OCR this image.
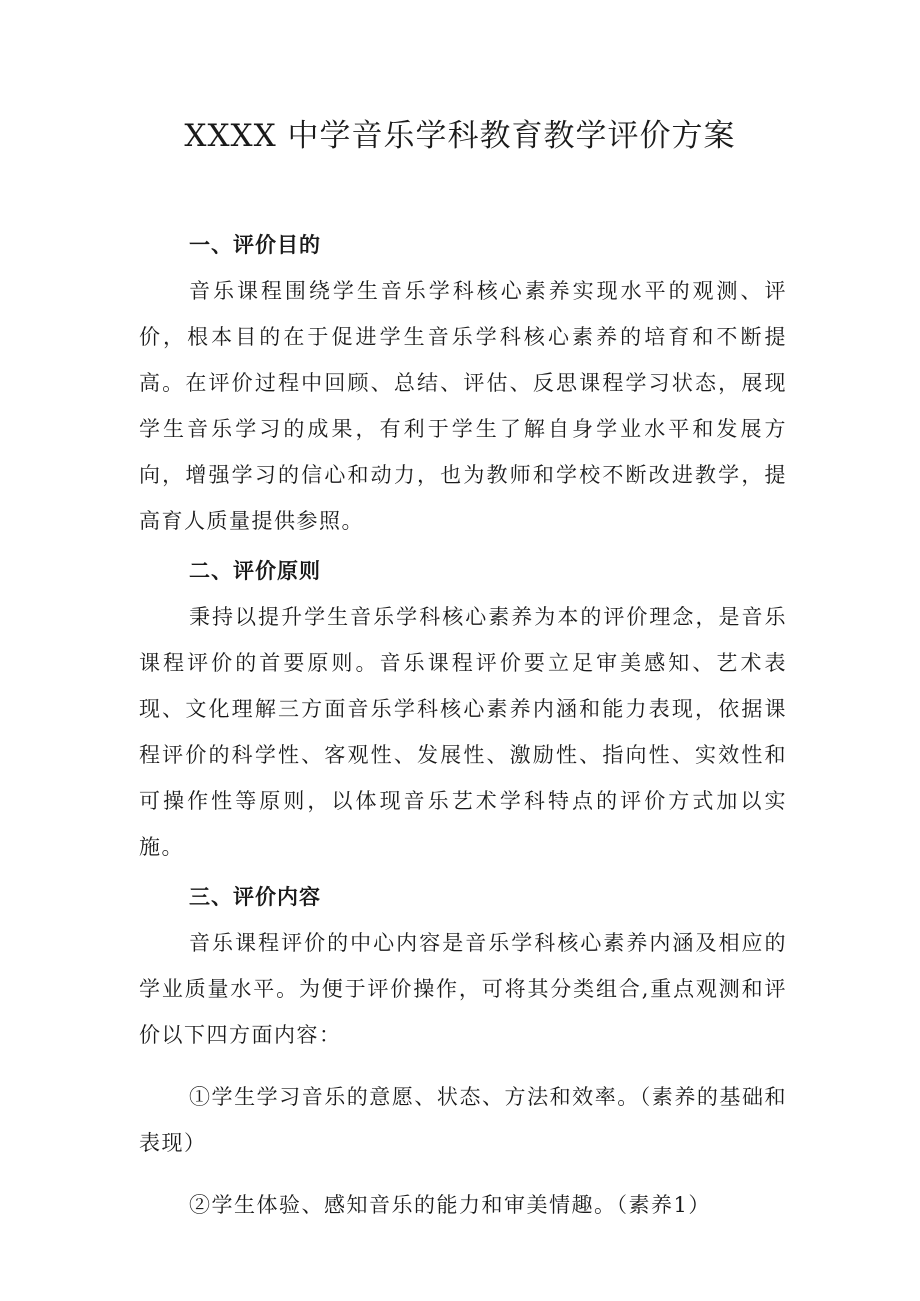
XXXX 中学音乐学科教育教学评价方案
一、评价目的

音乐课程围绕学生音乐学科核心素养实现水平的观测、评价，根本目的在于促进学生音乐学科核心素养的培育和不断提高。在评价过程中回顾、总结、评估、反思课程学习状态，展现学生音乐学习的成果，有利于学生了解自身学业水平和发展方向，增强学习的信心和动力，也为教师和学校不断改进教学，提高育人质量提供参照。

二、评价原则

秉持以提升学生音乐学科核心素养为本的评价理念，是音乐课程评价的首要原则。音乐课程评价要立足审美感知、艺术表现、文化理解三方面音乐学科核心素养内涵和能力表现，依据课程评价的科学性、客观性、发展性、激励性、指向性、实效性和可操作性等原则，以体现音乐艺术学科特点的评价方式加以实施。

三、评价内容

音乐课程评价的中心内容是音乐学科核心素养内涵及相应的学业质量水平。为便于评价操作，可将其分类组合,重点观测和评价以下四方面内容：

①学生学习音乐的意愿、状态、方法和效率。（素养的基础和表现）

②学生体验、感知音乐的能力和审美情趣。（素养1）
